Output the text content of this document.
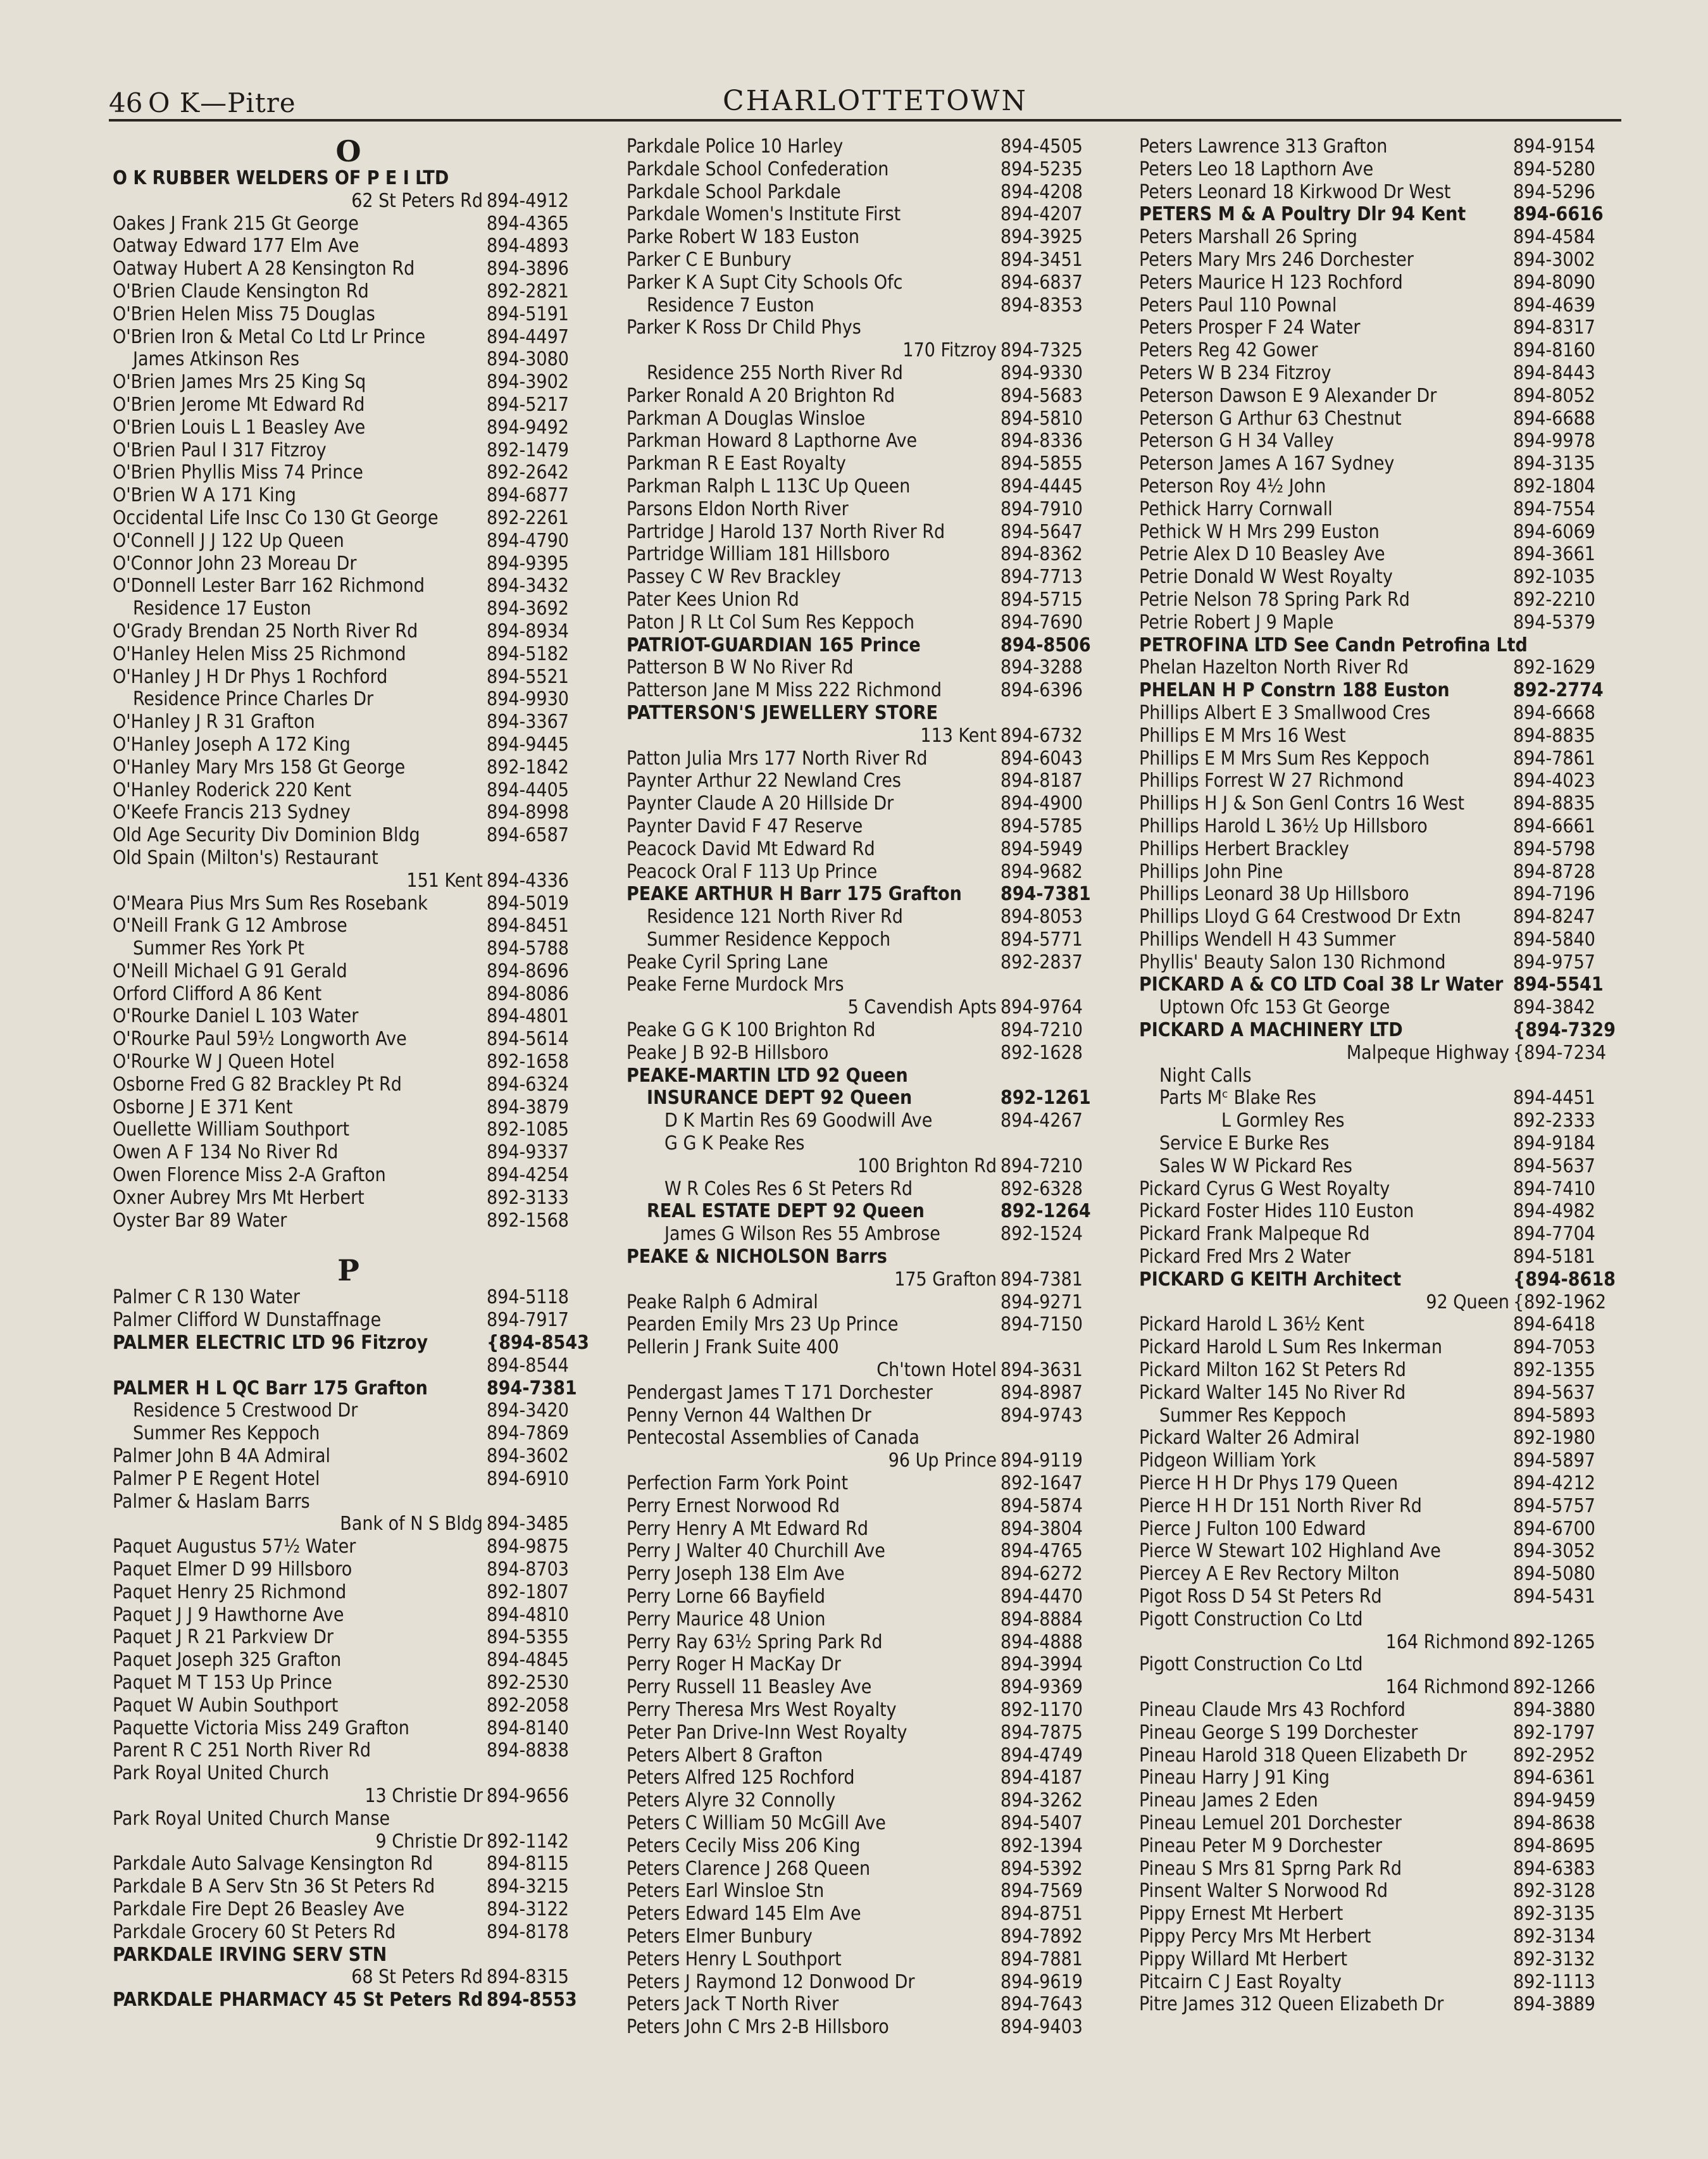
46 O K—Pitre	CHARLOTTETOWN
O
O K RUBBER WELDERS OF P E I LTD
62 St Peters Rd 894-4912
Oakes J Frank 215 Gt George	894-4365
Oatway Edward 177 Elm Ave	894-4893
Oatway Hubert A 28 Kensington Rd	894-3896
O'Brien Claude Kensington Rd	892-2821
O'Brien Helen Miss 75 Douglas	894-5191
O'Brien Iron & Metal Co Ltd Lr Prince	894-4497
James Atkinson Res	894-3080
O'Brien James Mrs 25 King Sq	894-3902
O'Brien Jerome Mt Edward Rd	894-5217
O'Brien Louis L 1 Beasley Ave	894-9492
O'Brien Paul I 317 Fitzroy	892-1479
O'Brien Phyllis Miss 74 Prince	892-2642
O'Brien W A 171 King	894-6877
Occidental Life Insc Co 130 Gt George	892-2261
O'Connell J J 122 Up Queen	894-4790
O'Connor John 23 Moreau Dr	894-9395
O'Donnell Lester Barr 162 Richmond	894-3432
Residence 17 Euston	894-3692
O'Grady Brendan 25 North River Rd	894-8934
O'Hanley Helen Miss 25 Richmond	894-5182
O'Hanley J H Dr Phys 1 Rochford	894-5521
Residence Prince Charles Dr	894-9930
O'Hanley J R 31 Grafton	894-3367
O'Hanley Joseph A 172 King	894-9445
O'Hanley Mary Mrs 158 Gt George	892-1842
O'Hanley Roderick 220 Kent	894-4405
O'Keefe Francis 213 Sydney	894-8998
Old Age Security Div Dominion Bldg	894-6587
Old Spain (Milton's) Restaurant
151 Kent 894-4336
O'Meara Pius Mrs Sum Res Rosebank	894-5019
O'Neill Frank G 12 Ambrose	894-8451
Summer Res York Pt	894-5788
O'Neill Michael G 91 Gerald	894-8696
Orford Clifford A 86 Kent	894-8086
O'Rourke Daniel L 103 Water	894-4801
O'Rourke Paul 59½ Longworth Ave	894-5614
O'Rourke W J Queen Hotel	892-1658
Osborne Fred G 82 Brackley Pt Rd	894-6324
Osborne J E 371 Kent	894-3879
Ouellette William Southport	892-1085
Owen A F 134 No River Rd	894-9337
Owen Florence Miss 2-A Grafton	894-4254
Oxner Aubrey Mrs Mt Herbert	892-3133
Oyster Bar 89 Water	892-1568
P
Palmer C R 130 Water	894-5118
Palmer Clifford W Dunstaffnage	894-7917
PALMER ELECTRIC LTD 96 Fitzroy	{894-8543
894-8544
PALMER H L QC Barr 175 Grafton	894-7381
Residence 5 Crestwood Dr	894-3420
Summer Res Keppoch	894-7869
Palmer John B 4A Admiral	894-3602
Palmer P E Regent Hotel	894-6910
Palmer & Haslam Barrs
Bank of N S Bldg 894-3485
Paquet Augustus 57½ Water	894-9875
Paquet Elmer D 99 Hillsboro	894-8703
Paquet Henry 25 Richmond	892-1807
Paquet J J 9 Hawthorne Ave	894-4810
Paquet J R 21 Parkview Dr	894-5355
Paquet Joseph 325 Grafton	894-4845
Paquet M T 153 Up Prince	892-2530
Paquet W Aubin Southport	892-2058
Paquette Victoria Miss 249 Grafton	894-8140
Parent R C 251 North River Rd	894-8838
Park Royal United Church
13 Christie Dr 894-9656
Park Royal United Church Manse
9 Christie Dr 892-1142
Parkdale Auto Salvage Kensington Rd	894-8115
Parkdale B A Serv Stn 36 St Peters Rd	894-3215
Parkdale Fire Dept 26 Beasley Ave	894-3122
Parkdale Grocery 60 St Peters Rd	894-8178
PARKDALE IRVING SERV STN
68 St Peters Rd 894-8315
PARKDALE PHARMACY 45 St Peters Rd 894-8553
Parkdale Police 10 Harley	894-4505
Parkdale School Confederation	894-5235
Parkdale School Parkdale	894-4208
Parkdale Women's Institute First	894-4207
Parke Robert W 183 Euston	894-3925
Parker C E Bunbury	894-3451
Parker K A Supt City Schools Ofc	894-6837
Residence 7 Euston	894-8353
Parker K Ross Dr Child Phys
170 Fitzroy 894-7325
Residence 255 North River Rd	894-9330
Parker Ronald A 20 Brighton Rd	894-5683
Parkman A Douglas Winsloe	894-5810
Parkman Howard 8 Lapthorne Ave	894-8336
Parkman R E East Royalty	894-5855
Parkman Ralph L 113C Up Queen	894-4445
Parsons Eldon North River	894-7910
Partridge J Harold 137 North River Rd	894-5647
Partridge William 181 Hillsboro	894-8362
Passey C W Rev Brackley	894-7713
Pater Kees Union Rd	894-5715
Paton J R Lt Col Sum Res Keppoch	894-7690
PATRIOT-GUARDIAN 165 Prince	894-8506
Patterson B W No River Rd	894-3288
Patterson Jane M Miss 222 Richmond	894-6396
PATTERSON'S JEWELLERY STORE
113 Kent 894-6732
Patton Julia Mrs 177 North River Rd	894-6043
Paynter Arthur 22 Newland Cres	894-8187
Paynter Claude A 20 Hillside Dr	894-4900
Paynter David F 47 Reserve	894-5785
Peacock David Mt Edward Rd	894-5949
Peacock Oral F 113 Up Prince	894-9682
PEAKE ARTHUR H Barr 175 Grafton 894-7381
Residence 121 North River Rd	894-8053
Summer Residence Keppoch	894-5771
Peake Cyril Spring Lane	892-2837
Peake Ferne Murdock Mrs
5 Cavendish Apts 894-9764
Peake G G K 100 Brighton Rd	894-7210
Peake J B 92-B Hillsboro	892-1628
PEAKE-MARTIN LTD 92 Queen
INSURANCE DEPT 92 Queen	892-1261
D K Martin Res 69 Goodwill Ave	894-4267
G G K Peake Res
100 Brighton Rd 894-7210
W R Coles Res 6 St Peters Rd	892-6328
REAL ESTATE DEPT 92 Queen	892-1264
James G Wilson Res 55 Ambrose	892-1524
PEAKE & NICHOLSON Barrs
175 Grafton 894-7381
Peake Ralph 6 Admiral	894-9271
Pearden Emily Mrs 23 Up Prince	894-7150
Pellerin J Frank Suite 400
Ch'town Hotel 894-3631
Pendergast James T 171 Dorchester	894-8987
Penny Vernon 44 Walthen Dr	894-9743
Pentecostal Assemblies of Canada
96 Up Prince 894-9119
Perfection Farm York Point	892-1647
Perry Ernest Norwood Rd	894-5874
Perry Henry A Mt Edward Rd	894-3804
Perry J Walter 40 Churchill Ave	894-4765
Perry Joseph 138 Elm Ave	894-6272
Perry Lorne 66 Bayfield	894-4470
Perry Maurice 48 Union	894-8884
Perry Ray 63½ Spring Park Rd	894-4888
Perry Roger H MacKay Dr	894-3994
Perry Russell 11 Beasley Ave	894-9369
Perry Theresa Mrs West Royalty	892-1170
Peter Pan Drive-Inn West Royalty	894-7875
Peters Albert 8 Grafton	894-4749
Peters Alfred 125 Rochford	894-4187
Peters Alyre 32 Connolly	894-3262
Peters C William 50 McGill Ave	894-5407
Peters Cecily Miss 206 King	892-1394
Peters Clarence J 268 Queen	894-5392
Peters Earl Winsloe Stn	894-7569
Peters Edward 145 Elm Ave	894-8751
Peters Elmer Bunbury	894-7892
Peters Henry L Southport	894-7881
Peters J Raymond 12 Donwood Dr	894-9619
Peters Jack T North River	894-7643
Peters John C Mrs 2-B Hillsboro	894-9403
Peters Lawrence 313 Grafton	894-9154
Peters Leo 18 Lapthorn Ave	894-5280
Peters Leonard 18 Kirkwood Dr West	894-5296
PETERS M & A Poultry Dlr 94 Kent 894-6616
Peters Marshall 26 Spring	894-4584
Peters Mary Mrs 246 Dorchester	894-3002
Peters Maurice H 123 Rochford	894-8090
Peters Paul 110 Pownal	894-4639
Peters Prosper F 24 Water	894-8317
Peters Reg 42 Gower	894-8160
Peters W B 234 Fitzroy	894-8443
Peterson Dawson E 9 Alexander Dr	894-8052
Peterson G Arthur 63 Chestnut	894-6688
Peterson G H 34 Valley	894-9978
Peterson James A 167 Sydney	894-3135
Peterson Roy 4½ John	892-1804
Pethick Harry Cornwall	894-7554
Pethick W H Mrs 299 Euston	894-6069
Petrie Alex D 10 Beasley Ave	894-3661
Petrie Donald W West Royalty	892-1035
Petrie Nelson 78 Spring Park Rd	892-2210
Petrie Robert J 9 Maple	894-5379
PETROFINA LTD See Candn Petrofina Ltd
Phelan Hazelton North River Rd	892-1629
PHELAN H P Constrn 188 Euston	892-2774
Phillips Albert E 3 Smallwood Cres	894-6668
Phillips E M Mrs 16 West	894-8835
Phillips E M Mrs Sum Res Keppoch	894-7861
Phillips Forrest W 27 Richmond	894-4023
Phillips H J & Son Genl Contrs 16 West	894-8835
Phillips Harold L 36½ Up Hillsboro	894-6661
Phillips Herbert Brackley	894-5798
Phillips John Pine	894-8728
Phillips Leonard 38 Up Hillsboro	894-7196
Phillips Lloyd G 64 Crestwood Dr Extn	894-8247
Phillips Wendell H 43 Summer	894-5840
Phyllis' Beauty Salon 130 Richmond	894-9757
PICKARD A & CO LTD Coal 38 Lr Water 894-5541
Uptown Ofc 153 Gt George	894-3842
PICKARD A MACHINERY LTD	{894-7329
Malpeque Highway {894-7234
Night Calls
Parts Mᶜ Blake Res	894-4451
L Gormley Res	892-2333
Service E Burke Res	894-9184
Sales W W Pickard Res	894-5637
Pickard Cyrus G West Royalty	894-7410
Pickard Foster Hides 110 Euston	894-4982
Pickard Frank Malpeque Rd	894-7704
Pickard Fred Mrs 2 Water	894-5181
PICKARD G KEITH Architect	{894-8618
92 Queen {892-1962
Pickard Harold L 36½ Kent	894-6418
Pickard Harold L Sum Res Inkerman	894-7053
Pickard Milton 162 St Peters Rd	892-1355
Pickard Walter 145 No River Rd	894-5637
Summer Res Keppoch	894-5893
Pickard Walter 26 Admiral	892-1980
Pidgeon William York	894-5897
Pierce H H Dr Phys 179 Queen	894-4212
Pierce H H Dr 151 North River Rd	894-5757
Pierce J Fulton 100 Edward	894-6700
Pierce W Stewart 102 Highland Ave	894-3052
Piercey A E Rev Rectory Milton	894-5080
Pigot Ross D 54 St Peters Rd	894-5431
Pigott Construction Co Ltd
164 Richmond 892-1265
Pigott Construction Co Ltd
164 Richmond 892-1266
Pineau Claude Mrs 43 Rochford	894-3880
Pineau George S 199 Dorchester	892-1797
Pineau Harold 318 Queen Elizabeth Dr 892-2952
Pineau Harry J 91 King	894-6361
Pineau James 2 Eden	894-9459
Pineau Lemuel 201 Dorchester	894-8638
Pineau Peter M 9 Dorchester	894-8695
Pineau S Mrs 81 Sprng Park Rd	894-6383
Pinsent Walter S Norwood Rd	892-3128
Pippy Ernest Mt Herbert	892-3135
Pippy Percy Mrs Mt Herbert	892-3134
Pippy Willard Mt Herbert	892-3132
Pitcairn C J East Royalty	892-1113
Pitre James 312 Queen Elizabeth Dr	894-3889
